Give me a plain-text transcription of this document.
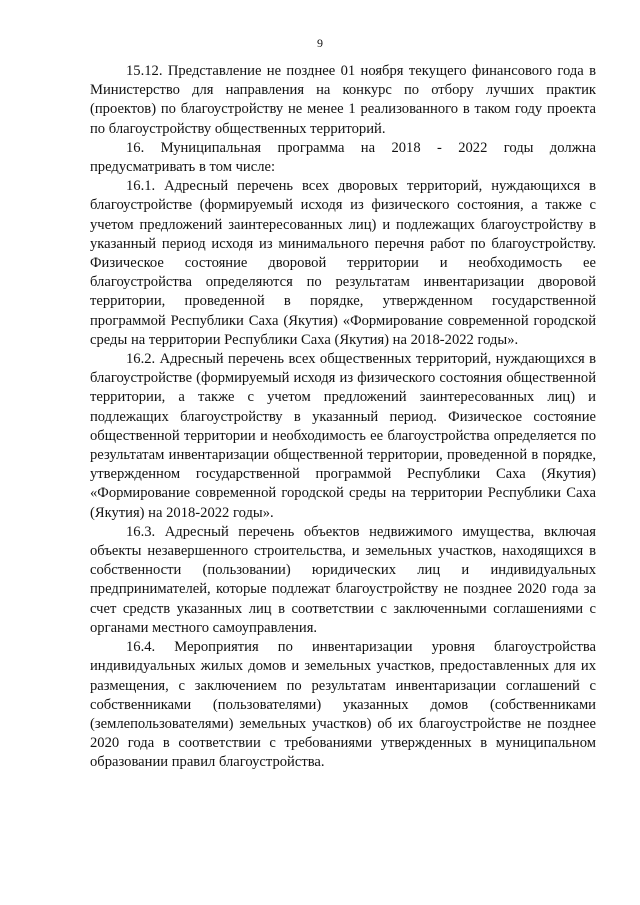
9

15.12. Представление не позднее 01 ноября текущего финансового года в Министерство для направления на конкурс по отбору лучших практик (проектов) по благоустройству не менее 1 реализованного в таком году проекта по благоустройству общественных территорий.

16. Муниципальная программа на 2018 - 2022 годы должна предусматривать в том числе:

16.1. Адресный перечень всех дворовых территорий, нуждающихся в благоустройстве (формируемый исходя из физического состояния, а также с учетом предложений заинтересованных лиц) и подлежащих благоустройству в указанный период исходя из минимального перечня работ по благоустройству. Физическое состояние дворовой территории и необходимость ее благоустройства определяются по результатам инвентаризации дворовой территории, проведенной в порядке, утвержденном государственной программой Республики Саха (Якутия) «Формирование современной городской среды на территории Республики Саха (Якутия) на 2018-2022 годы».

16.2. Адресный перечень всех общественных территорий, нуждающихся в благоустройстве (формируемый исходя из физического состояния общественной территории, а также с учетом предложений заинтересованных лиц) и подлежащих благоустройству в указанный период. Физическое состояние общественной территории и необходимость ее благоустройства определяется по результатам инвентаризации общественной территории, проведенной в порядке, утвержденном государственной программой Республики Саха (Якутия) «Формирование современной городской среды на территории Республики Саха (Якутия) на 2018-2022 годы».

16.3. Адресный перечень объектов недвижимого имущества, включая объекты незавершенного строительства, и земельных участков, находящихся в собственности (пользовании) юридических лиц и индивидуальных предпринимателей, которые подлежат благоустройству не позднее 2020 года за счет средств указанных лиц в соответствии с заключенными соглашениями с органами местного самоуправления.

16.4. Мероприятия по инвентаризации уровня благоустройства индивидуальных жилых домов и земельных участков, предоставленных для их размещения, с заключением по результатам инвентаризации соглашений с собственниками (пользователями) указанных домов (собственниками (землепользователями) земельных участков) об их благоустройстве не позднее 2020 года в соответствии с требованиями утвержденных в муниципальном образовании правил благоустройства.
